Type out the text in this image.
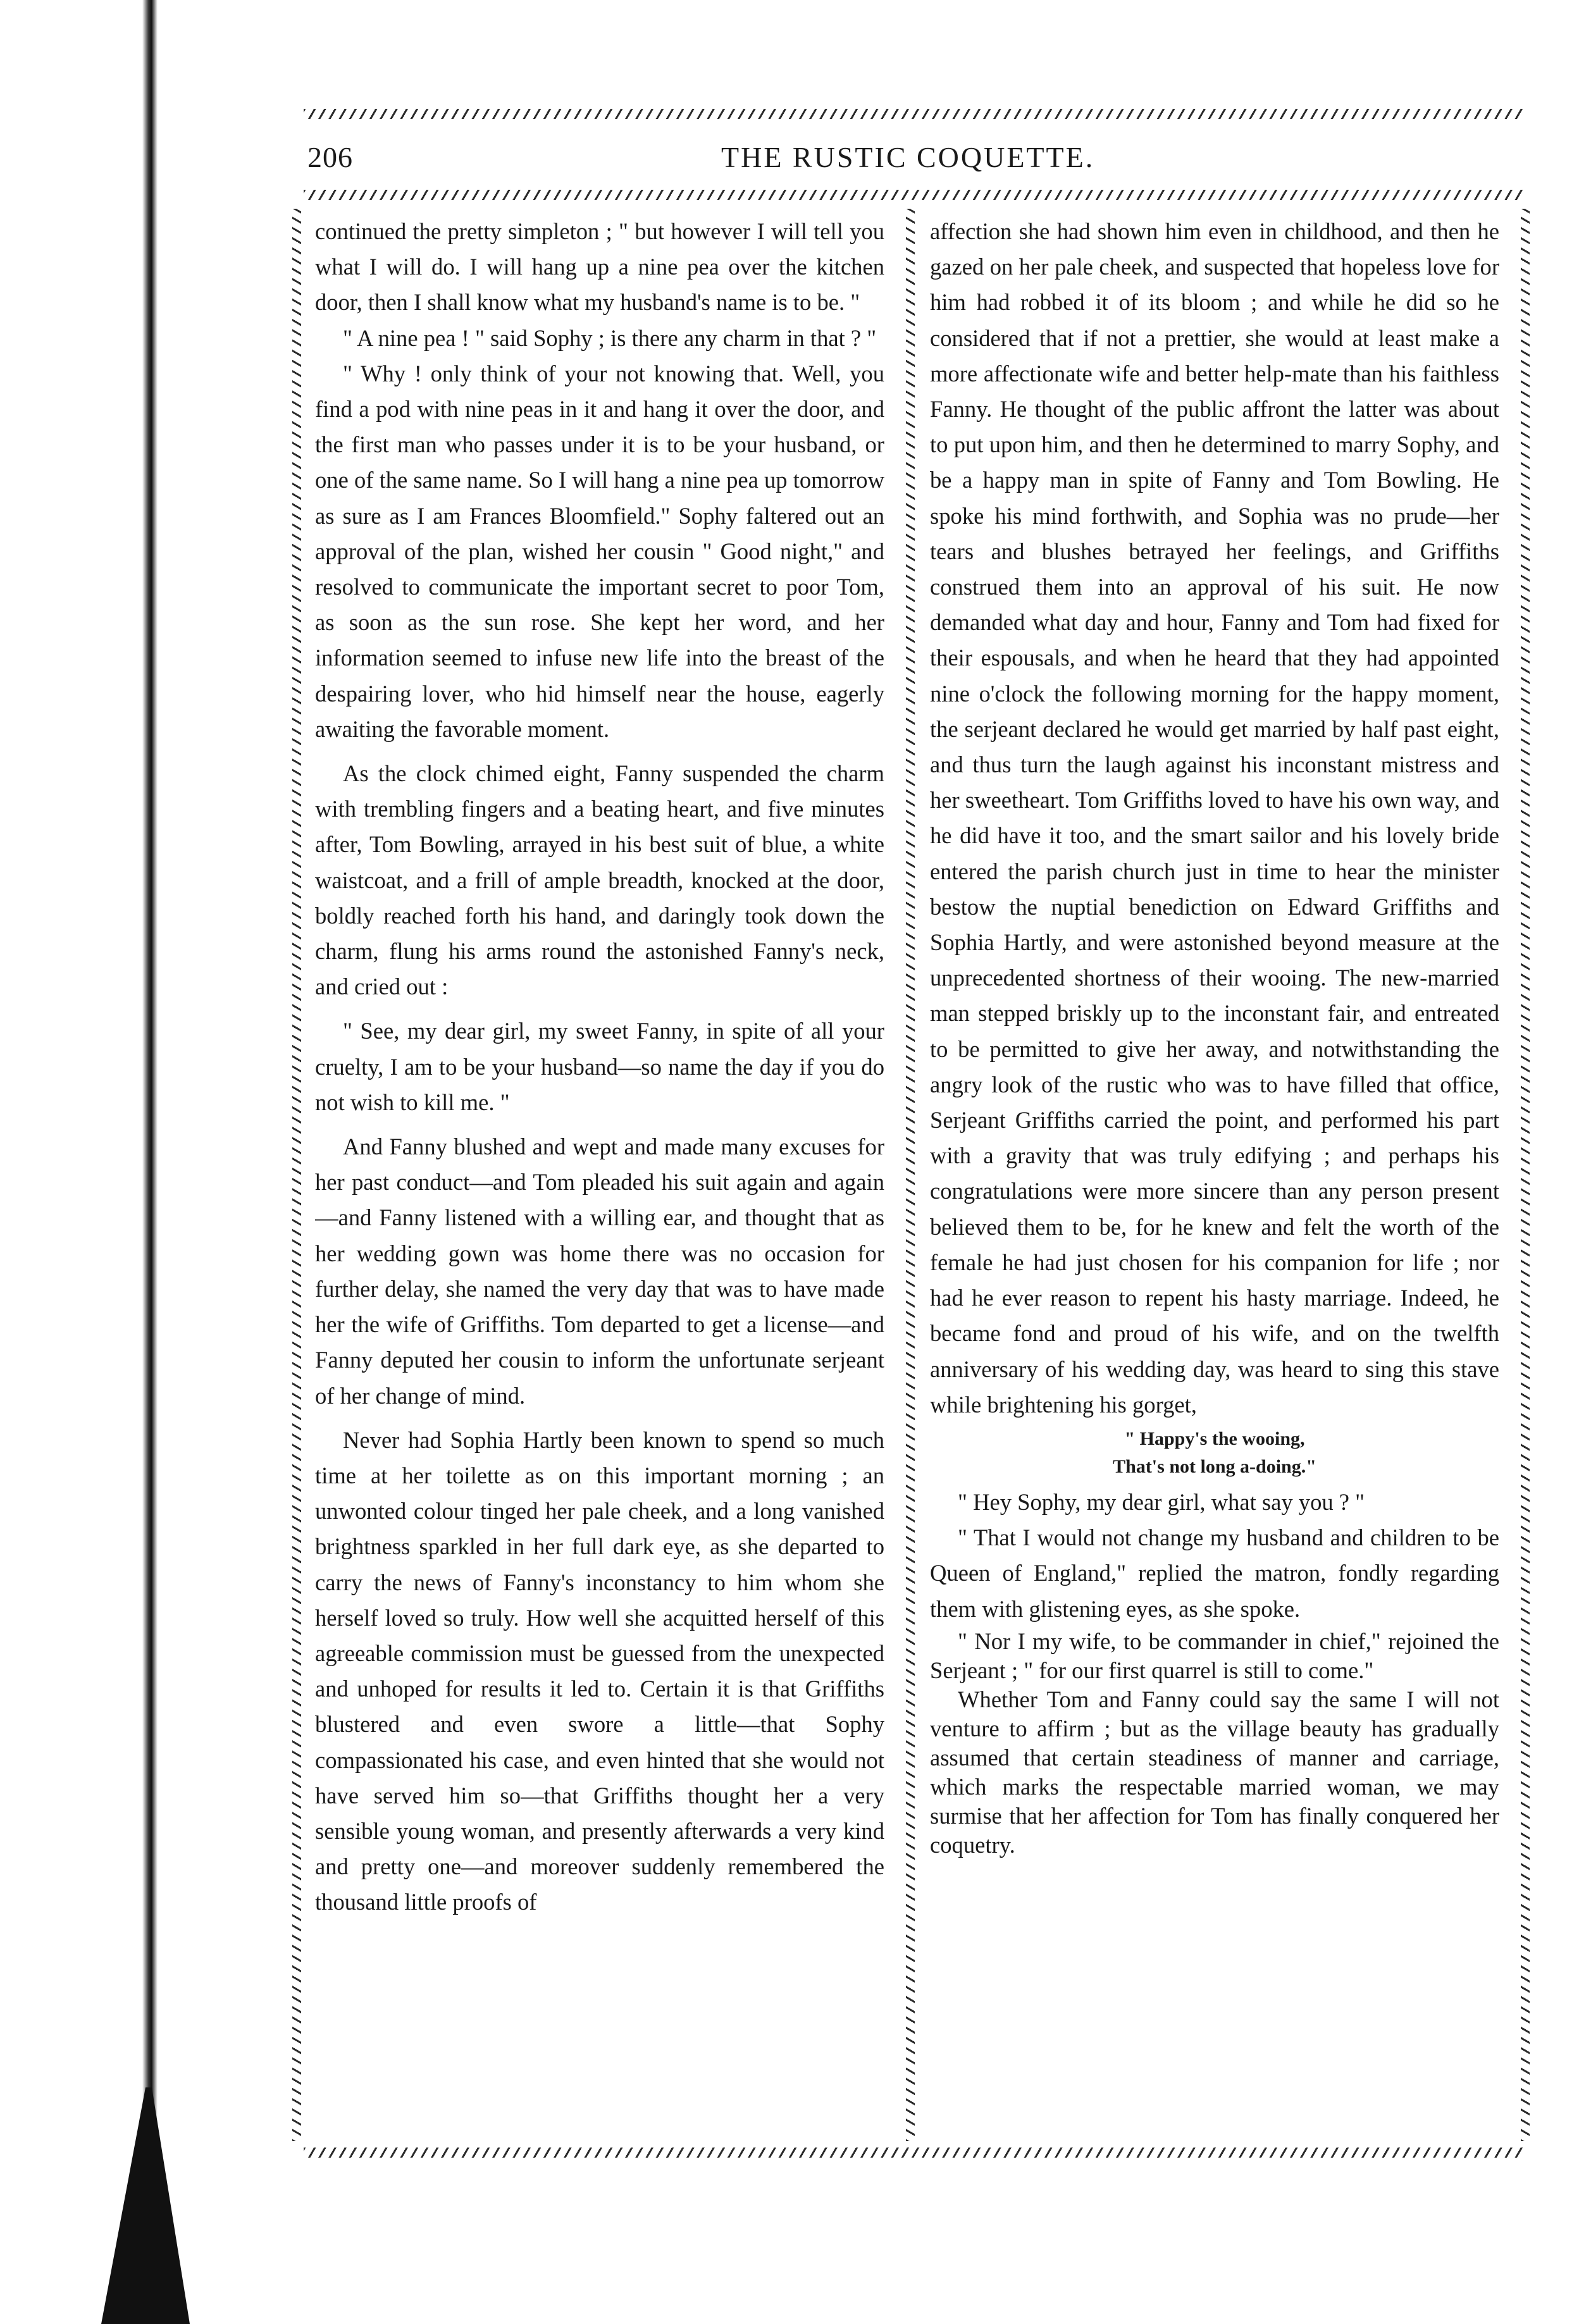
206	THE RUSTIC COQUETTE.

continued the pretty simpleton ; " but however I will tell you what I will do. I will hang up a nine pea over the kitchen door, then I shall know what my husband's name is to be. "

" A nine pea ! " said Sophy ; is there any charm in that ? "

" Why ! only think of your not knowing that. Well, you find a pod with nine peas in it and hang it over the door, and the first man who passes under it is to be your husband, or one of the same name. So I will hang a nine pea up tomorrow as sure as I am Frances Bloomfield." Sophy faltered out an approval of the plan, wished her cousin " Good night," and resolved to communicate the important secret to poor Tom, as soon as the sun rose. She kept her word, and her information seemed to infuse new life into the breast of the despairing lover, who hid himself near the house, eagerly awaiting the favorable moment.

As the clock chimed eight, Fanny suspended the charm with trembling fingers and a beating heart, and five minutes after, Tom Bowling, arrayed in his best suit of blue, a white waistcoat, and a frill of ample breadth, knocked at the door, boldly reached forth his hand, and daringly took down the charm, flung his arms round the astonished Fanny's neck, and cried out :

" See, my dear girl, my sweet Fanny, in spite of all your cruelty, I am to be your husband—so name the day if you do not wish to kill me. "

And Fanny blushed and wept and made many excuses for her past conduct—and Tom pleaded his suit again and again—and Fanny listened with a willing ear, and thought that as her wedding gown was home there was no occasion for further delay, she named the very day that was to have made her the wife of Griffiths. Tom departed to get a license—and Fanny deputed her cousin to inform the unfortunate serjeant of her change of mind.

Never had Sophia Hartly been known to spend so much time at her toilette as on this important morning ; an unwonted colour tinged her pale cheek, and a long vanished brightness sparkled in her full dark eye, as she departed to carry the news of Fanny's inconstancy to him whom she herself loved so truly. How well she acquitted herself of this agreeable commission must be guessed from the unexpected and unhoped for results it led to. Certain it is that Griffiths blustered and even swore a little—that Sophy compassionated his case, and even hinted that she would not have served him so—that Griffiths thought her a very sensible young woman, and presently afterwards a very kind and pretty one—and moreover suddenly remembered the thousand little proofs of

affection she had shown him even in childhood, and then he gazed on her pale cheek, and suspected that hopeless love for him had robbed it of its bloom ; and while he did so he considered that if not a prettier, she would at least make a more affectionate wife and better help-mate than his faithless Fanny. He thought of the public affront the latter was about to put upon him, and then he determined to marry Sophy, and be a happy man in spite of Fanny and Tom Bowling. He spoke his mind forthwith, and Sophia was no prude—her tears and blushes betrayed her feelings, and Griffiths construed them into an approval of his suit. He now demanded what day and hour, Fanny and Tom had fixed for their espousals, and when he heard that they had appointed nine o'clock the following morning for the happy moment, the serjeant declared he would get married by half past eight, and thus turn the laugh against his inconstant mistress and her sweetheart. Tom Griffiths loved to have his own way, and he did have it too, and the smart sailor and his lovely bride entered the parish church just in time to hear the minister bestow the nuptial benediction on Edward Griffiths and Sophia Hartly, and were astonished beyond measure at the unprecedented shortness of their wooing. The new-married man stepped briskly up to the inconstant fair, and entreated to be permitted to give her away, and notwithstanding the angry look of the rustic who was to have filled that office, Serjeant Griffiths carried the point, and performed his part with a gravity that was truly edifying ; and perhaps his congratulations were more sincere than any person present believed them to be, for he knew and felt the worth of the female he had just chosen for his companion for life ; nor had he ever reason to repent his hasty marriage. Indeed, he became fond and proud of his wife, and on the twelfth anniversary of his wedding day, was heard to sing this stave while brightening his gorget,

" Happy's the wooing,
That's not long a-doing."

" Hey Sophy, my dear girl, what say you ? "

" That I would not change my husband and children to be Queen of England," replied the matron, fondly regarding them with glistening eyes, as she spoke.

" Nor I my wife, to be commander in chief," rejoined the Serjeant ; " for our first quarrel is still to come."

Whether Tom and Fanny could say the same I will not venture to affirm ; but as the village beauty has gradually assumed that certain steadiness of manner and carriage, which marks the respectable married woman, we may surmise that her affection for Tom has finally conquered her coquetry.
